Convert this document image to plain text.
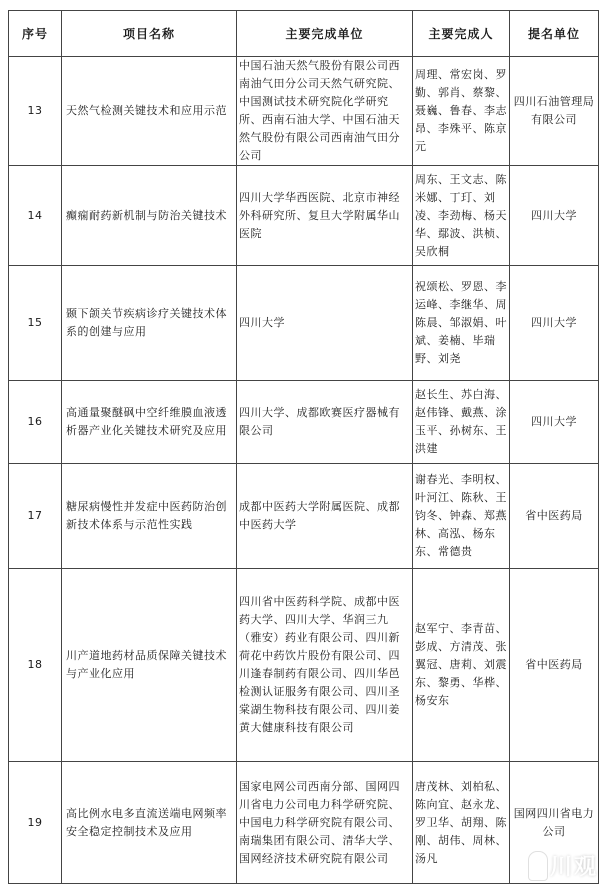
序号	项目名称	主要完成单位	主要完成人	提名单位
13	天然气检测关键技术和应用示范	中国石油天然气股份有限公司西南油气田分公司天然气研究院、中国测试技术研究院化学研究所、西南石油大学、中国石油天然气股份有限公司西南油气田分公司	周理、常宏岗、罗勤、郭肖、蔡黎、聂巍、鲁春、李志昂、李殊平、陈京元	四川石油管理局有限公司
14	癫痫耐药新机制与防治关键技术	四川大学华西医院、北京市神经外科研究所、复旦大学附属华山医院	周东、王文志、陈米娜、丁玎、刘凌、李劲梅、杨天华、鄢波、洪桢、吴欣桐	四川大学
15	颞下颌关节疾病诊疗关键技术体系的创建与应用	四川大学	祝颂松、罗恩、李运峰、李继华、周陈晨、邹淑娟、叶斌、姜楠、毕瑞野、刘尧	四川大学
16	高通量聚醚砜中空纤维膜血液透析器产业化关键技术研究及应用	四川大学、成都欧赛医疗器械有限公司	赵长生、苏白海、赵伟锋、戴燕、涂玉平、孙树东、王洪建	四川大学
17	糖尿病慢性并发症中医药防治创新技术体系与示范性实践	成都中医药大学附属医院、成都中医药大学	谢春光、李明权、叶河江、陈秋、王钧冬、钟森、郑燕林、高泓、杨东东、常德贵	省中医药局
18	川产道地药材品质保障关键技术与产业化应用	四川省中医药科学院、成都中医药大学、四川大学、华润三九（雅安）药业有限公司、四川新荷花中药饮片股份有限公司、四川逢春制药有限公司、四川华邑检测认证服务有限公司、四川圣棠湖生物科技有限公司、四川姜黄大健康科技有限公司	赵军宁、李青苗、彭成、方清茂、张翼冠、唐莉、刘震东、黎勇、华桦、杨安东	省中医药局
19	高比例水电多直流送端电网频率安全稳定控制技术及应用	国家电网公司西南分部、国网四川省电力公司电力科学研究院、中国电力科学研究院有限公司、南瑞集团有限公司、清华大学、国网经济技术研究院有限公司	唐茂林、刘柏私、陈向宜、赵永龙、罗卫华、胡翔、陈刚、胡伟、周林、汤凡	国网四川省电力公司
川观
